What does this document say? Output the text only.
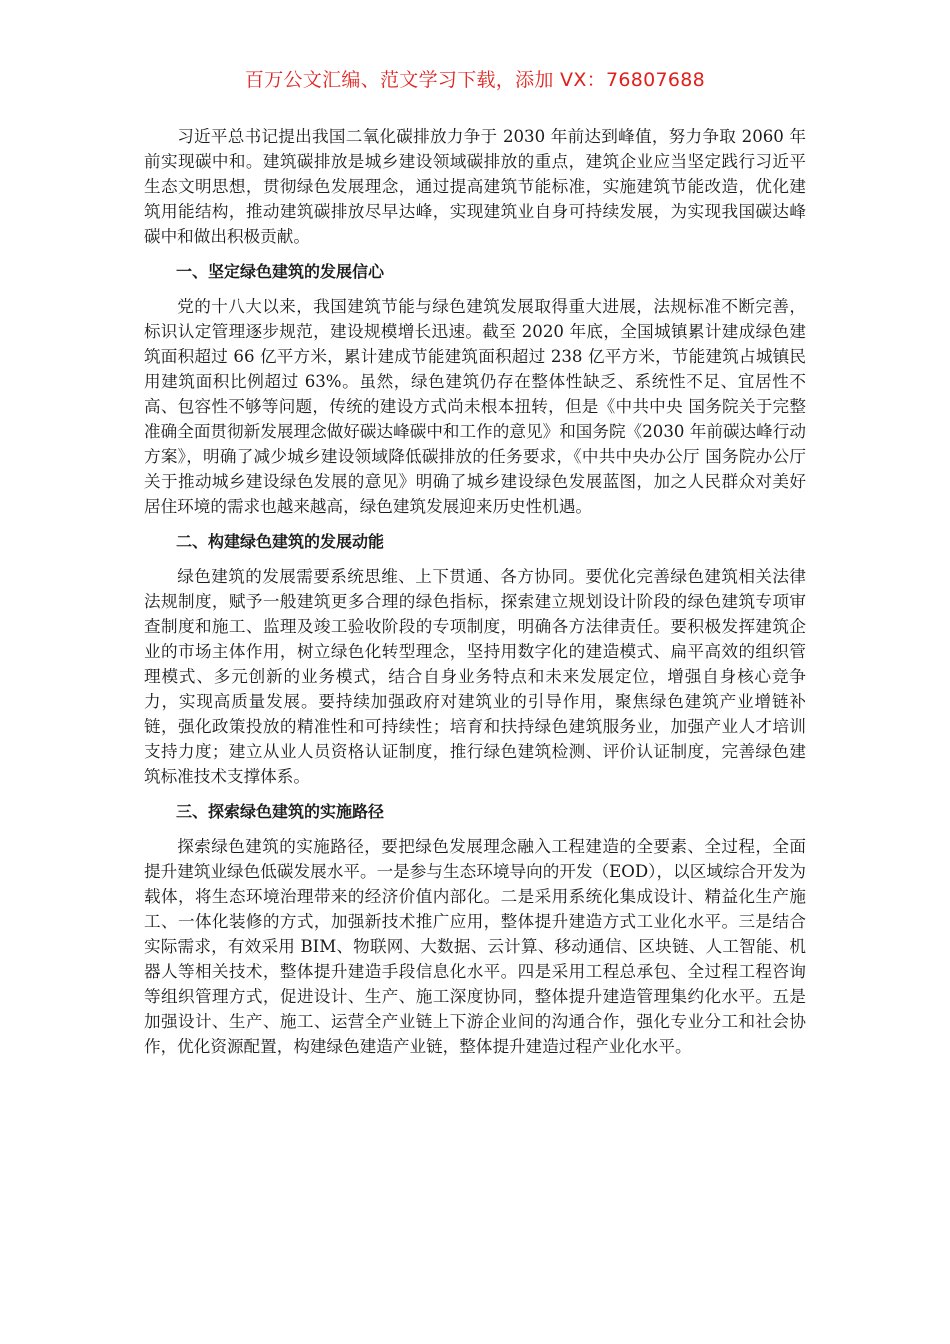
百万公文汇编、范文学习下载，添加 VX：76807688

习近平总书记提出我国二氧化碳排放力争于 2030 年前达到峰值，努力争取 2060 年前实现碳中和。建筑碳排放是城乡建设领域碳排放的重点，建筑企业应当坚定践行习近平生态文明思想，贯彻绿色发展理念，通过提高建筑节能标准，实施建筑节能改造，优化建筑用能结构，推动建筑碳排放尽早达峰，实现建筑业自身可持续发展，为实现我国碳达峰碳中和做出积极贡献。

一、坚定绿色建筑的发展信心

党的十八大以来，我国建筑节能与绿色建筑发展取得重大进展，法规标准不断完善，标识认定管理逐步规范，建设规模增长迅速。截至 2020 年底，全国城镇累计建成绿色建筑面积超过 66 亿平方米，累计建成节能建筑面积超过 238 亿平方米，节能建筑占城镇民用建筑面积比例超过 63%。虽然，绿色建筑仍存在整体性缺乏、系统性不足、宜居性不高、包容性不够等问题，传统的建设方式尚未根本扭转，但是《中共中央 国务院关于完整准确全面贯彻新发展理念做好碳达峰碳中和工作的意见》和国务院《2030 年前碳达峰行动方案》，明确了减少城乡建设领域降低碳排放的任务要求，《中共中央办公厅 国务院办公厅关于推动城乡建设绿色发展的意见》明确了城乡建设绿色发展蓝图，加之人民群众对美好居住环境的需求也越来越高，绿色建筑发展迎来历史性机遇。

二、构建绿色建筑的发展动能

绿色建筑的发展需要系统思维、上下贯通、各方协同。要优化完善绿色建筑相关法律法规制度，赋予一般建筑更多合理的绿色指标，探索建立规划设计阶段的绿色建筑专项审查制度和施工、监理及竣工验收阶段的专项制度，明确各方法律责任。要积极发挥建筑企业的市场主体作用，树立绿色化转型理念，坚持用数字化的建造模式、扁平高效的组织管理模式、多元创新的业务模式，结合自身业务特点和未来发展定位，增强自身核心竞争力，实现高质量发展。要持续加强政府对建筑业的引导作用，聚焦绿色建筑产业增链补链，强化政策投放的精准性和可持续性；培育和扶持绿色建筑服务业，加强产业人才培训支持力度；建立从业人员资格认证制度，推行绿色建筑检测、评价认证制度，完善绿色建筑标准技术支撑体系。

三、探索绿色建筑的实施路径

探索绿色建筑的实施路径，要把绿色发展理念融入工程建造的全要素、全过程，全面提升建筑业绿色低碳发展水平。一是参与生态环境导向的开发（EOD），以区域综合开发为载体，将生态环境治理带来的经济价值内部化。二是采用系统化集成设计、精益化生产施工、一体化装修的方式，加强新技术推广应用，整体提升建造方式工业化水平。三是结合实际需求，有效采用 BIM、物联网、大数据、云计算、移动通信、区块链、人工智能、机器人等相关技术，整体提升建造手段信息化水平。四是采用工程总承包、全过程工程咨询等组织管理方式，促进设计、生产、施工深度协同，整体提升建造管理集约化水平。五是加强设计、生产、施工、运营全产业链上下游企业间的沟通合作，强化专业分工和社会协作，优化资源配置，构建绿色建造产业链，整体提升建造过程产业化水平。
